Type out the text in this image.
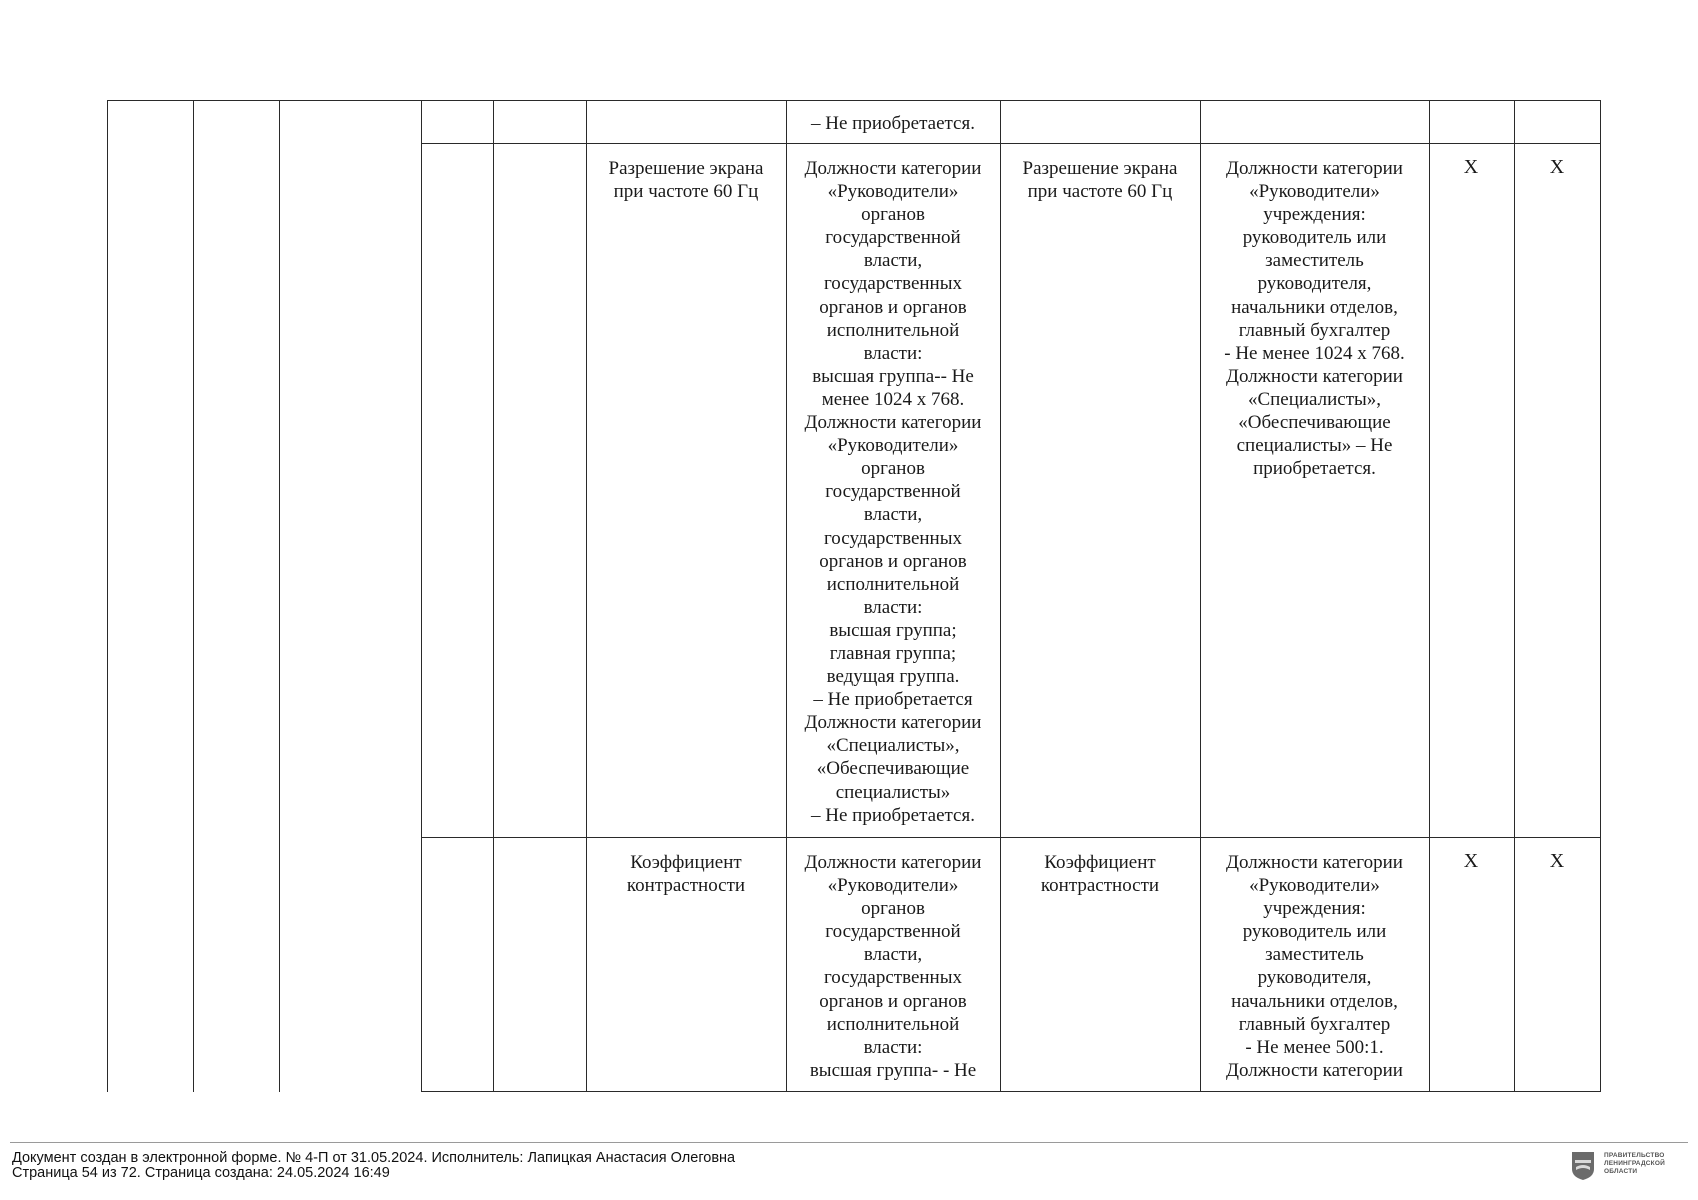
– Не приобретается.
Разрешение экрана
при частоте 60 Гц
Должности категории
«Руководители»
органов
государственной
власти,
государственных
органов и органов
исполнительной
власти:
высшая группа-- Не
менее 1024 x 768.
Должности категории
«Руководители»
органов
государственной
власти,
государственных
органов и органов
исполнительной
власти:
высшая группа;
главная группа;
ведущая группа.
– Не приобретается
Должности категории
«Специалисты»,
«Обеспечивающие
специалисты»
– Не приобретается.
Разрешение экрана
при частоте 60 Гц
Должности категории
«Руководители»
учреждения:
руководитель или
заместитель
руководителя,
начальники отделов,
главный бухгалтер
- Не менее 1024 x 768.
Должности категории
«Специалисты»,
«Обеспечивающие
специалисты» – Не
приобретается.
X	X
Коэффициент
контрастности
Должности категории
«Руководители»
органов
государственной
власти,
государственных
органов и органов
исполнительной
власти:
высшая группа- - Не
Коэффициент
контрастности
Должности категории
«Руководители»
учреждения:
руководитель или
заместитель
руководителя,
начальники отделов,
главный бухгалтер
- Не менее 500:1.
Должности категории
X	X
Документ создан в электронной форме. № 4-П от 31.05.2024. Исполнитель: Лапицкая Анастасия Олеговна
Страница 54 из 72. Страница создана: 24.05.2024 16:49
ПРАВИТЕЛЬСТВО
ЛЕНИНГРАДСКОЙ
ОБЛАСТИ
